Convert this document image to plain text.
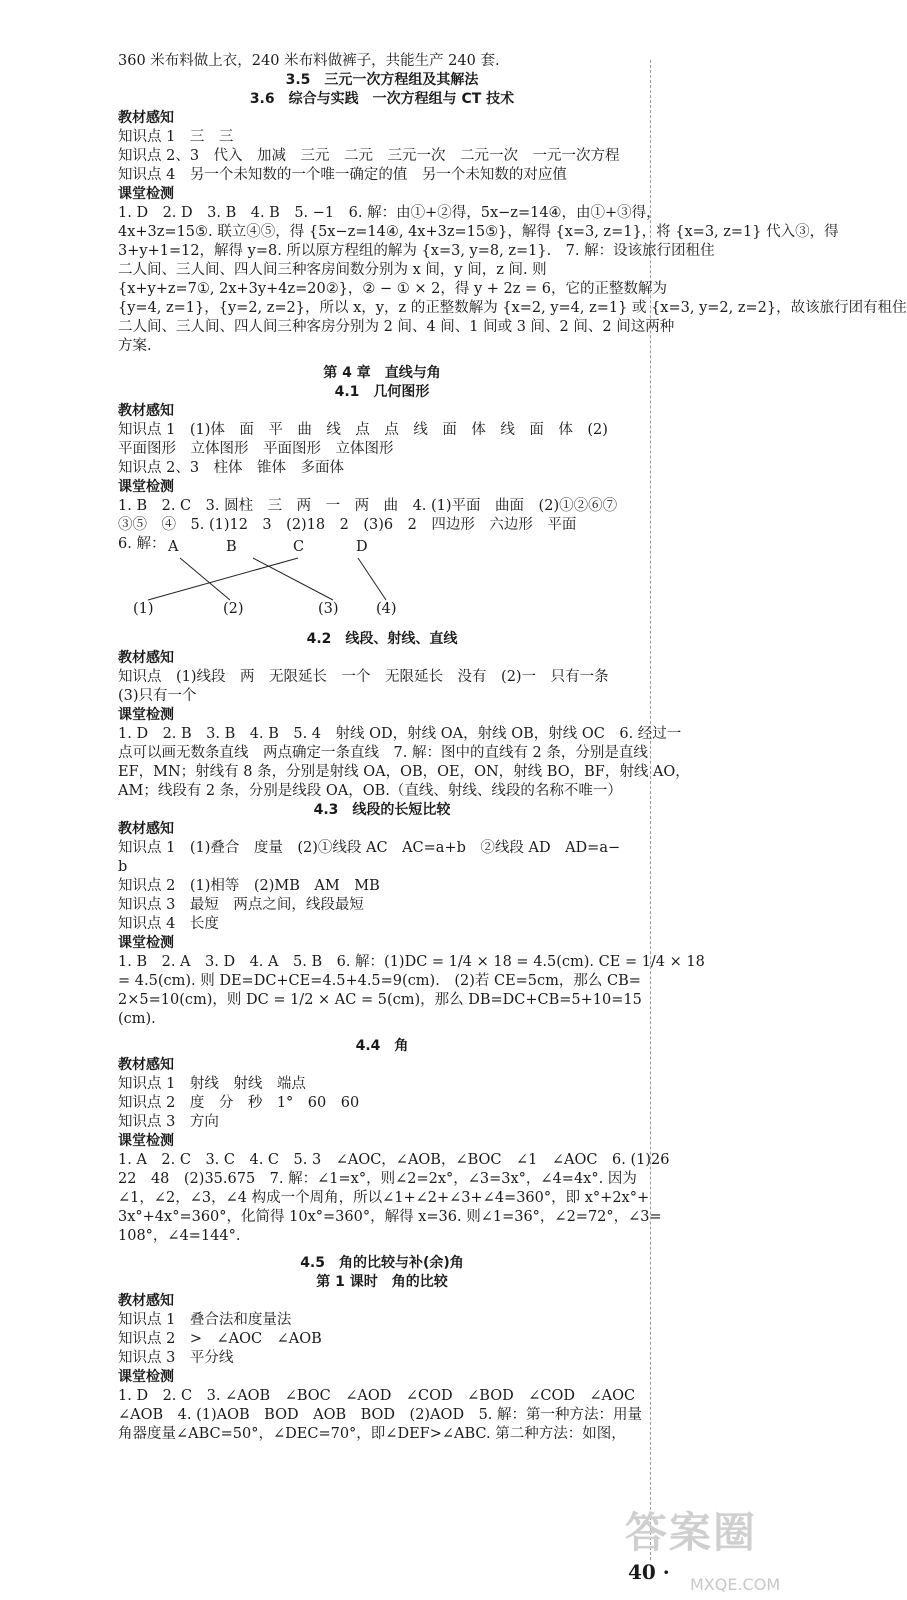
360 米布料做上衣，240 米布料做裤子，共能生产 240 套.
3.5　三元一次方程组及其解法
3.6　综合与实践　一次方程组与 CT 技术
教材感知
知识点 1　三　三
知识点 2、3　代入　加减　三元　二元　三元一次　二元一次　一元一次方程
知识点 4　另一个未知数的一个唯一确定的值　另一个未知数的对应值
课堂检测
1. D　2. D　3. B　4. B　5. −1　6. 解：由①+②得，5x−z=14④，由①+③得，
4x+3z=15⑤. 联立④⑤，得 {5x−z=14④, 4x+3z=15⑤}，解得 {x=3, z=1}，将 {x=3, z=1} 代入③，得
3+y+1=12，解得 y=8. 所以原方程组的解为 {x=3, y=8, z=1}.　7. 解：设该旅行团租住
二人间、三人间、四人间三种客房间数分别为 x 间，y 间，z 间. 则
{x+y+z=7①, 2x+3y+4z=20②}，② − ① × 2，得 y + 2z = 6，它的正整数解为
{y=4, z=1}，{y=2, z=2}，所以 x，y，z 的正整数解为 {x=2, y=4, z=1} 或 {x=3, y=2, z=2}，故该旅行团有租住
二人间、三人间、四人间三种客房分别为 2 间、4 间、1 间或 3 间、2 间、2 间这两种
方案.
第 4 章　直线与角
4.1　几何图形
教材感知
知识点 1　(1)体　面　平　曲　线　点　点　线　面　体　线　面　体　(2)
平面图形　立体图形　平面图形　立体图形
知识点 2、3　柱体　锥体　多面体
课堂检测
1. B　2. C　3. 圆柱　三　两　一　两　曲　4. (1)平面　曲面　(2)①②⑥⑦
③⑤　④　5. (1)12　3　(2)18　2　(3)6　2　四边形　六边形　平面
6. 解： A	B	C	D
(1)	(2)	(3)	(4)
4.2　线段、射线、直线
教材感知
知识点　(1)线段　两　无限延长　一个　无限延长　没有　(2)一　只有一条
(3)只有一个
课堂检测
1. D　2. B　3. B　4. B　5. 4　射线 OD，射线 OA，射线 OB，射线 OC　6. 经过一
点可以画无数条直线　两点确定一条直线　7. 解：图中的直线有 2 条，分别是直线
EF，MN；射线有 8 条，分别是射线 OA，OB，OE，ON，射线 BO，BF，射线 AO，
AM；线段有 2 条，分别是线段 OA，OB.（直线、射线、线段的名称不唯一）
4.3　线段的长短比较
教材感知
知识点 1　(1)叠合　度量　(2)①线段 AC　AC=a+b　②线段 AD　AD=a−
b
知识点 2　(1)相等　(2)MB　AM　MB
知识点 3　最短　两点之间，线段最短
知识点 4　长度
课堂检测
1. B　2. A　3. D　4. A　5. B　6. 解：(1)DC = 1/4 × 18 = 4.5(cm). CE = 1/4 × 18
= 4.5(cm). 则 DE=DC+CE=4.5+4.5=9(cm).　(2)若 CE=5cm，那么 CB=
2×5=10(cm)，则 DC = 1/2 × AC = 5(cm)，那么 DB=DC+CB=5+10=15
(cm).
4.4　角
教材感知
知识点 1　射线　射线　端点
知识点 2　度　分　秒　1°　60　60
知识点 3　方向
课堂检测
1. A　2. C　3. C　4. C　5. 3　∠AOC，∠AOB，∠BOC　∠1　∠AOC　6. (1)26
22　48　(2)35.675　7. 解：∠1=x°，则∠2=2x°，∠3=3x°，∠4=4x°. 因为
∠1，∠2，∠3，∠4 构成一个周角，所以∠1+∠2+∠3+∠4=360°，即 x°+2x°+
3x°+4x°=360°，化简得 10x°=360°，解得 x=36. 则∠1=36°，∠2=72°，∠3=
108°，∠4=144°.
4.5　角的比较与补(余)角
第 1 课时　角的比较
教材感知
知识点 1　叠合法和度量法
知识点 2　>　∠AOC　∠AOB
知识点 3　平分线
课堂检测
1. D　2. C　3. ∠AOB　∠BOC　∠AOD　∠COD　∠BOD　∠COD　∠AOC
∠AOB　4. (1)AOB　BOD　AOB　BOD　(2)AOD　5. 解：第一种方法：用量
角器度量∠ABC=50°，∠DEC=70°，即∠DEF>∠ABC. 第二种方法：如图，
答案圈
MXQE.COM
40 ·
